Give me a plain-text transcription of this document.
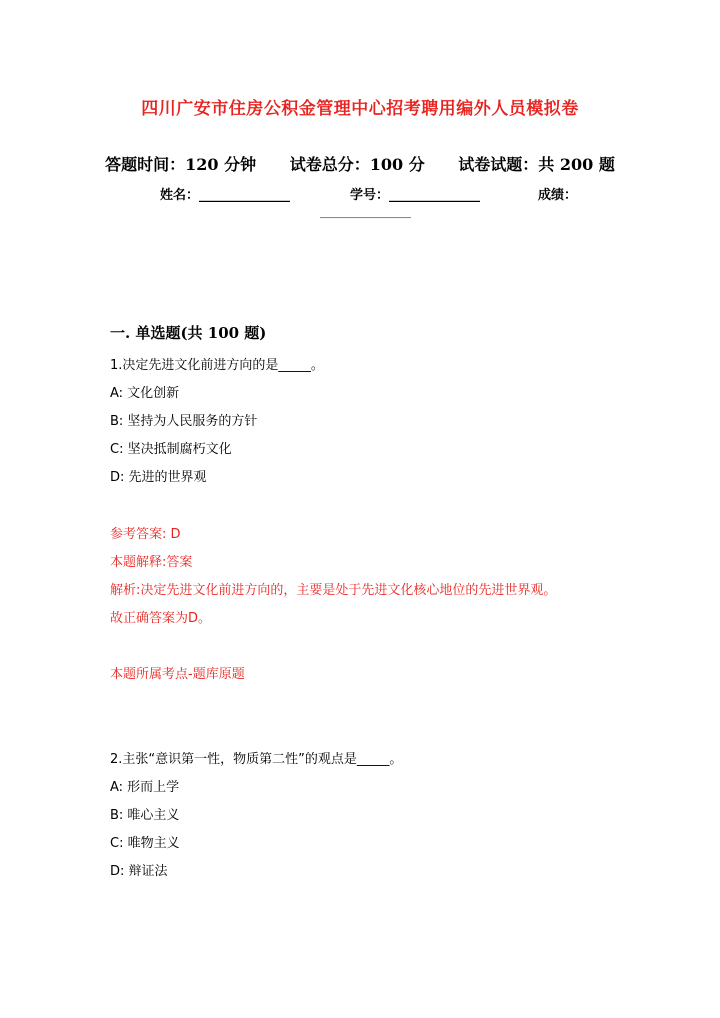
四川广安市住房公积金管理中心招考聘用编外人员模拟卷
答题时间：120 分钟 试卷总分：100 分 试卷试题：共 200 题
姓名：______________	学号：______________	成绩：
______________
一. 单选题(共 100 题)
1.决定先进文化前进方向的是_____。
A: 文化创新
B: 坚持为人民服务的方针
C: 坚决抵制腐朽文化
D: 先进的世界观
参考答案: D
本题解释:答案
解析:决定先进文化前进方向的，主要是处于先进文化核心地位的先进世界观。
故正确答案为D。
本题所属考点-题库原题
2.主张“意识第一性，物质第二性”的观点是_____。
A: 形而上学
B: 唯心主义
C: 唯物主义
D: 辩证法
